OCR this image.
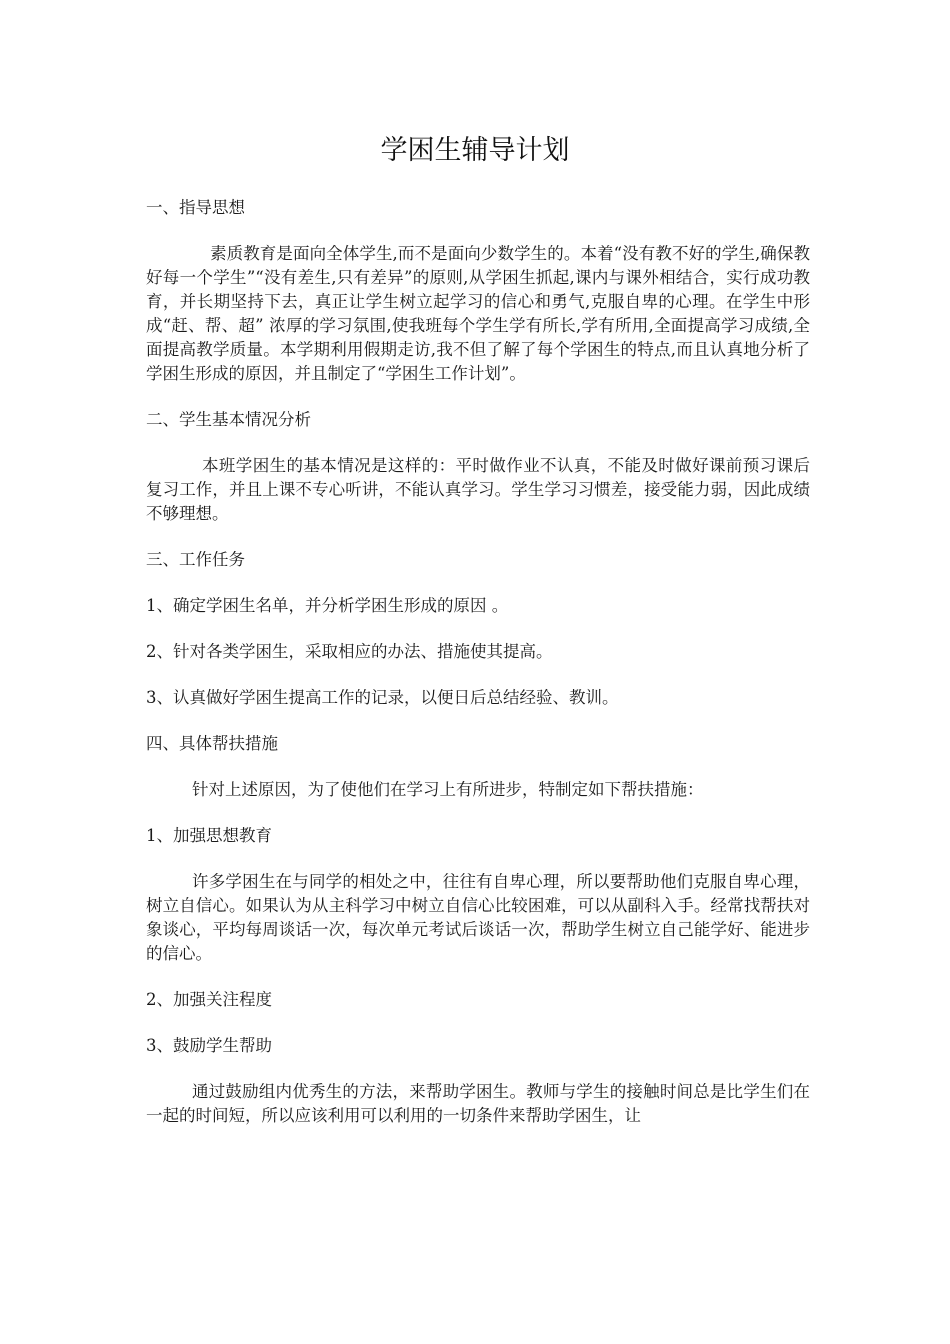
学困生辅导计划

一、指导思想

素质教育是面向全体学生,而不是面向少数学生的。本着“没有教不好的学生,确保教好每一个学生”“没有差生,只有差异”的原则,从学困生抓起,课内与课外相结合，实行成功教育，并长期坚持下去，真正让学生树立起学习的信心和勇气,克服自卑的心理。在学生中形成“赶、帮、超” 浓厚的学习氛围,使我班每个学生学有所长,学有所用,全面提高学习成绩,全面提高教学质量。本学期利用假期走访,我不但了解了每个学困生的特点,而且认真地分析了学困生形成的原因，并且制定了“学困生工作计划”。

二、学生基本情况分析

本班学困生的基本情况是这样的：平时做作业不认真，不能及时做好课前预习课后复习工作，并且上课不专心听讲，不能认真学习。学生学习习惯差，接受能力弱，因此成绩不够理想。

三、工作任务

1、确定学困生名单，并分析学困生形成的原因 。

2、针对各类学困生，采取相应的办法、措施使其提高。

3、认真做好学困生提高工作的记录，以便日后总结经验、教训。

四、具体帮扶措施

针对上述原因，为了使他们在学习上有所进步，特制定如下帮扶措施：

1、加强思想教育

许多学困生在与同学的相处之中，往往有自卑心理，所以要帮助他们克服自卑心理，树立自信心。如果认为从主科学习中树立自信心比较困难，可以从副科入手。经常找帮扶对象谈心，平均每周谈话一次，每次单元考试后谈话一次，帮助学生树立自己能学好、能进步的信心。

2、加强关注程度

3、鼓励学生帮助

通过鼓励组内优秀生的方法，来帮助学困生。教师与学生的接触时间总是比学生们在一起的时间短，所以应该利用可以利用的一切条件来帮助学困生，让
